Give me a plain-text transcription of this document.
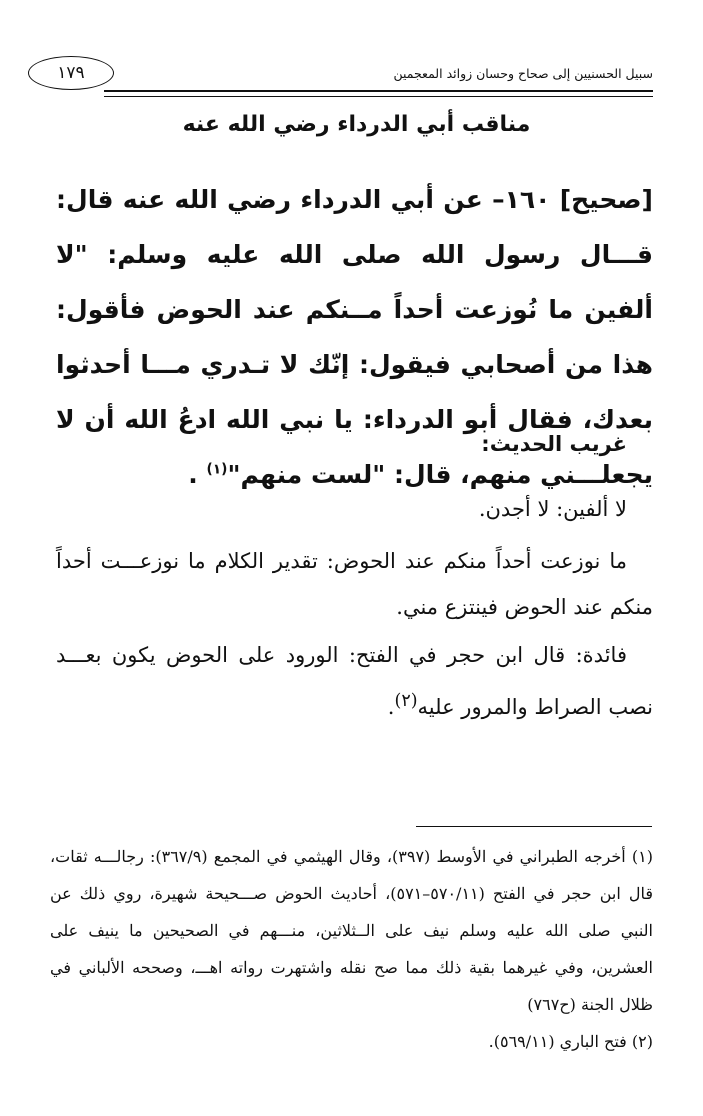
١٧٩	سبيل الحسنيين إلى صحاح وحسان زوائد المعجمين
مناقب أبي الدرداء رضي الله عنه
[صحيح] ١٦٠– عن أبي الدرداء رضي الله عنه قال: قـــال رسول الله صلى الله عليه وسلم: "لا ألفين ما نُوزعت أحداً مــنكم عند الحوض فأقول: هذا من أصحابي فيقول: إنّك لا تـدري مـــا أحدثوا بعدك، فقال أبو الدرداء: يا نبي الله ادعُ الله أن لا يجعلـــني منهم، قال: "لست منهم"$^{(١)}$ .
غريب الحديث:
لا ألفين: لا أجدن.
ما نوزعت أحداً منكم عند الحوض: تقدير الكلام ما نوزعـــت أحداً منكم عند الحوض فينتزع مني.
فائدة: قال ابن حجر في الفتح: الورود على الحوض يكون بعـــد نصب الصراط والمرور عليه$^{(٢)}$.
(١) أخرجه الطبراني في الأوسط (٣٩٧)، وقال الهيثمي في المجمع (٣٦٧/٩): رجالـــه ثقات، قال ابن حجر في الفتح (٥٧٠/١١–٥٧١)، أحاديث الحوض صـــحيحة شهيرة، روي ذلك عن النبي صلى الله عليه وسلم نيف على الــثلاثين، منـــهم في الصحيحين ما ينيف على العشرين، وفي غيرهما بقية ذلك مما صح نقله واشتهرت رواته اهـــ، وصححه الألباني في ظلال الجنة (ح٧٦٧)
(٢) فتح الباري (٥٦٩/١١).
